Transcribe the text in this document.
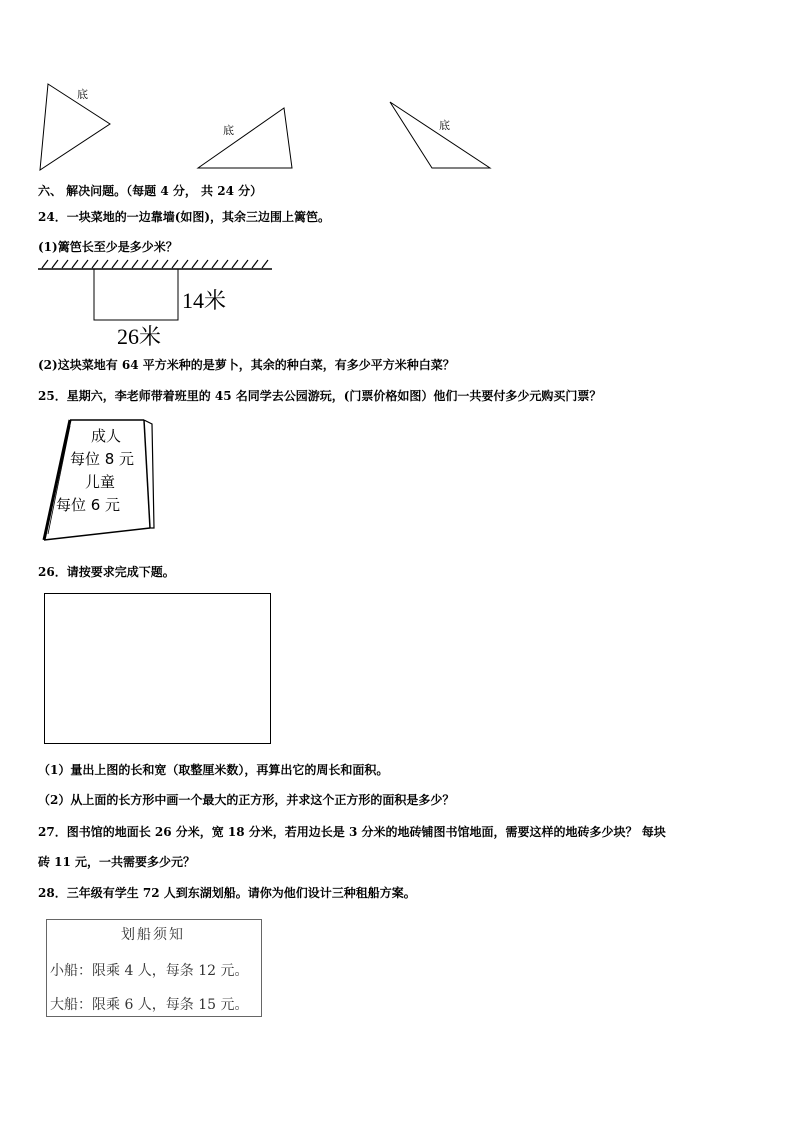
底
底	底
六、 解决问题。（每题 4 分， 共 24 分）
24．一块菜地的一边靠墙(如图)，其余三边围上篱笆。
(1)篱笆长至少是多少米？
14米
26米
(2)这块菜地有 64 平方米种的是萝卜，其余的种白菜，有多少平方米种白菜？
25．星期六，李老师带着班里的 45 名同学去公园游玩，(门票价格如图）他们一共要付多少元购买门票？
成人
每位 8 元
儿童
每位 6 元
26．请按要求完成下题。
（1）量出上图的长和宽（取整厘米数），再算出它的周长和面积。
（2）从上面的长方形中画一个最大的正方形，并求这个正方形的面积是多少？
27．图书馆的地面长 26 分米，宽 18 分米，若用边长是 3 分米的地砖铺图书馆地面，需要这样的地砖多少块？ 每块
砖 11 元，一共需要多少元？
28．三年级有学生 72 人到东湖划船。请你为他们设计三种租船方案。
划船须知
小船：限乘 4 人，每条 12 元。
大船：限乘 6 人，每条 15 元。
